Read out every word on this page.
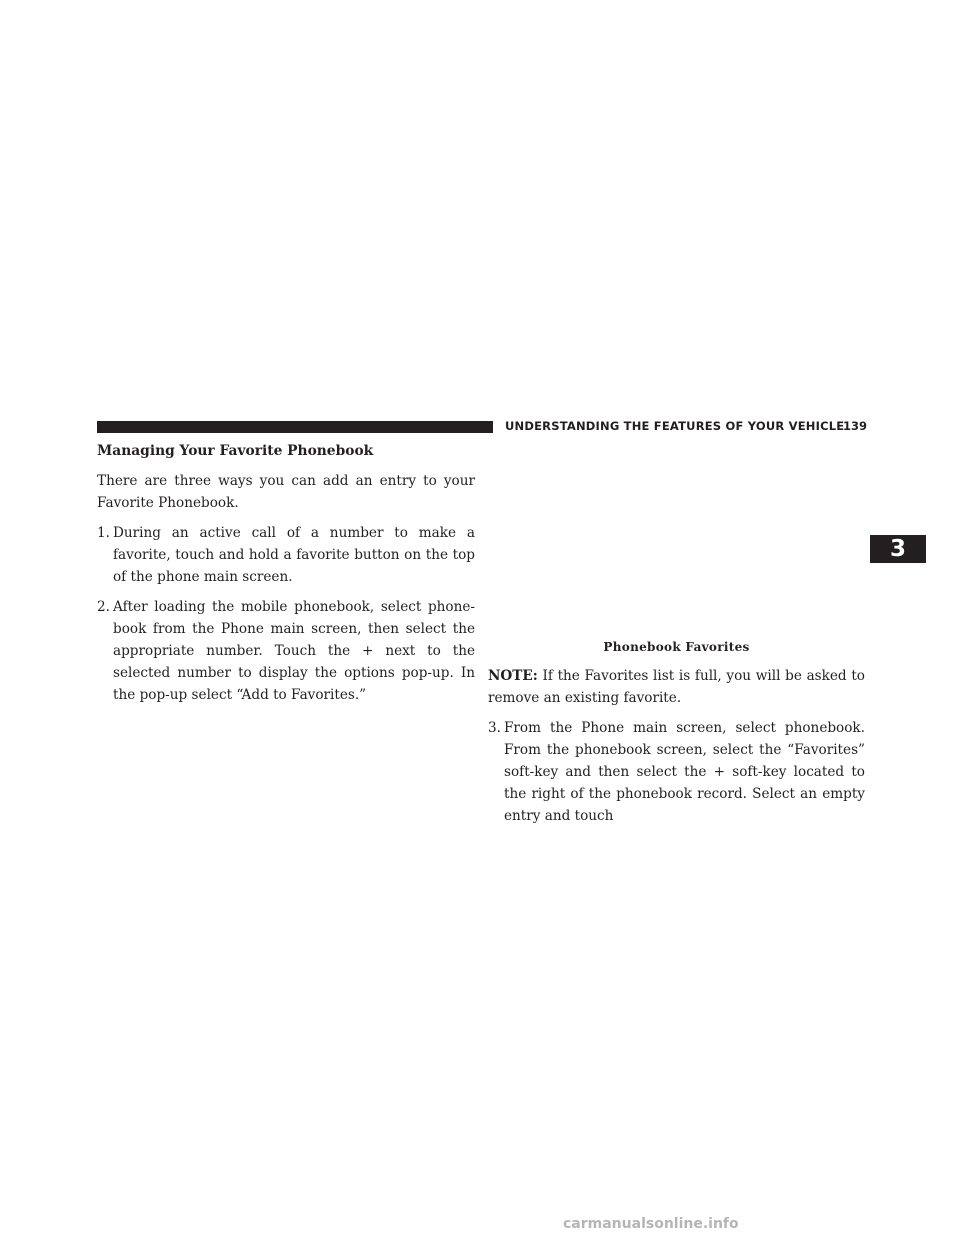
UNDERSTANDING THE FEATURES OF YOUR VEHICLE
139
3
Managing Your Favorite Phonebook

There are three ways you can add an entry to your Favorite Phonebook.

1. During an active call of a number to make a favorite, touch and hold a favorite button on the top of the phone main screen.
2. After loading the mobile phonebook, select phone-book from the Phone main screen, then select the appropriate number. Touch the + next to the selected number to display the options pop-up. In the pop-up select “Add to Favorites.”
Phonebook Favorites

NOTE: If the Favorites list is full, you will be asked to remove an existing favorite.

3. From the Phone main screen, select phonebook. From the phonebook screen, select the “Favorites” soft-key and then select the + soft-key located to the right of the phonebook record. Select an empty entry and touch
carmanualsonline.info
